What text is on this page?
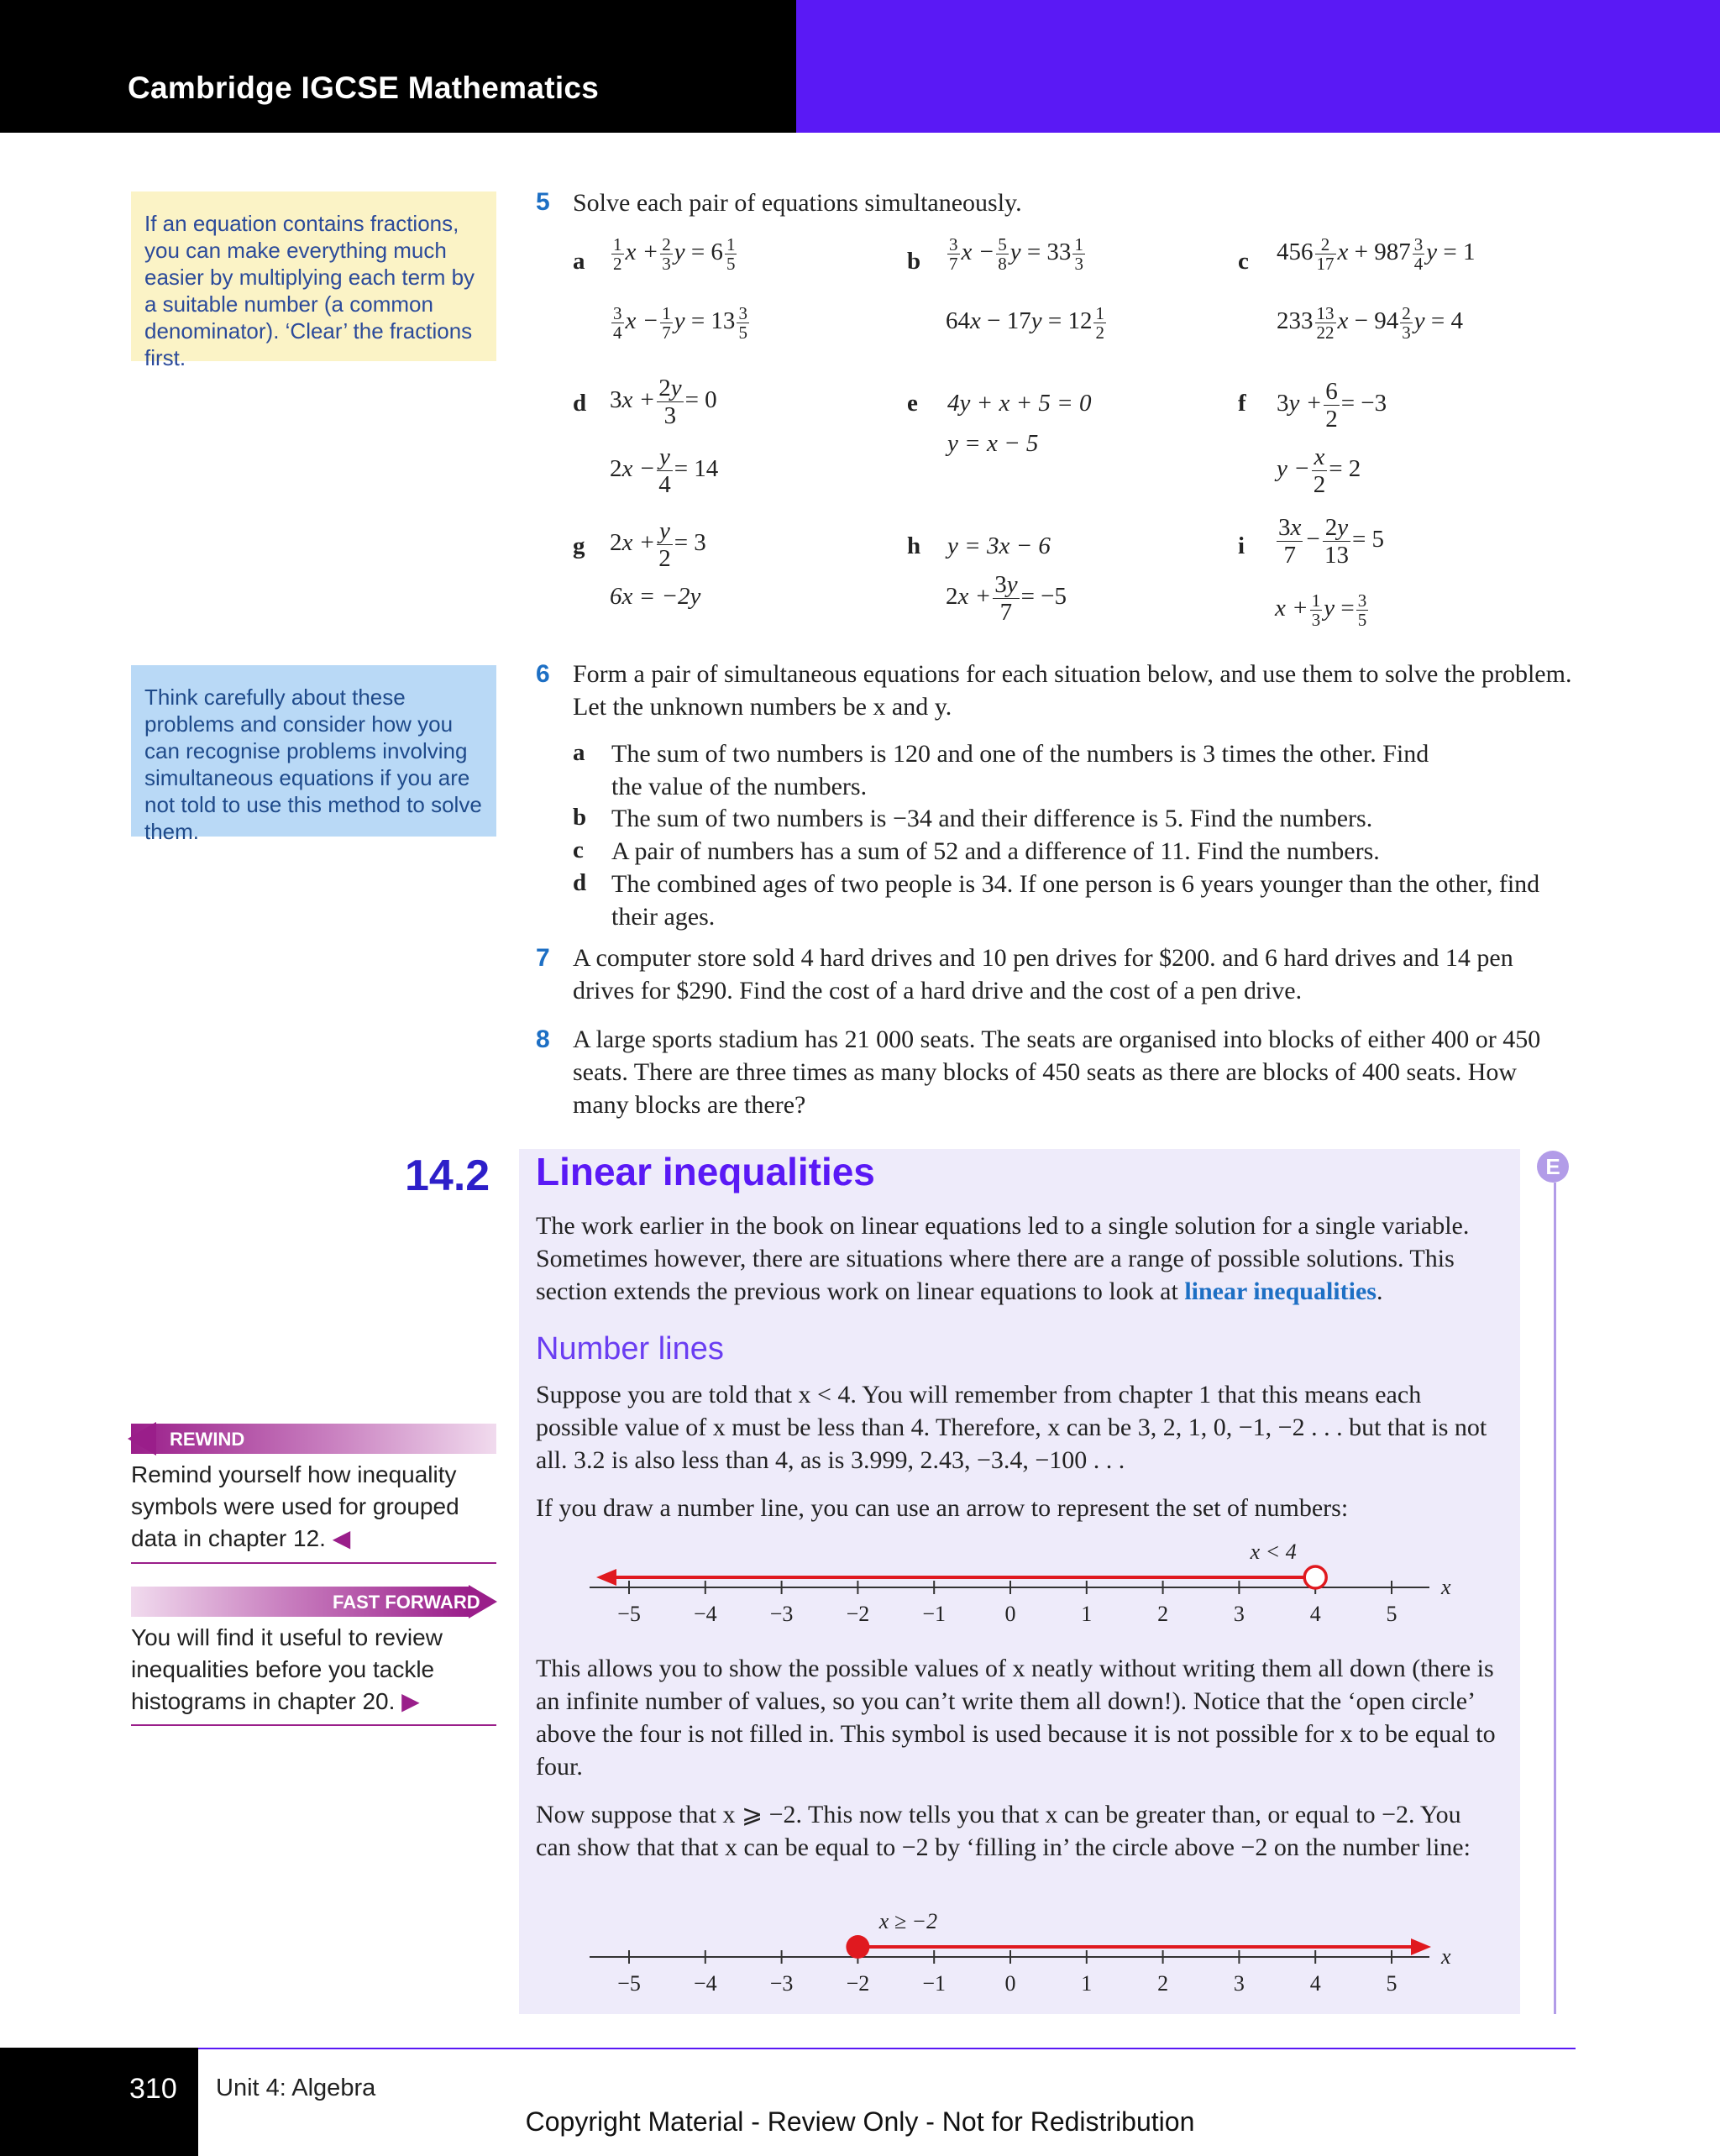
Cambridge IGCSE Mathematics
If an equation contains fractions, you can make everything much easier by multiplying each term by a suitable number (a common denominator). ‘Clear’ the fractions first.
Think carefully about these problems and consider how you can recognise problems involving simultaneous equations if you are not told to use this method to solve them.
5 Solve each pair of equations simultaneously.
a $\frac{1}{2}$ $x + \frac{2}{3}$ $y = 6 \frac{1}{5}$
$\frac{3}{4}$ $x - \frac{1}{7}$ $y = 13 \frac{3}{5}$
b $\frac{3}{7}$ $x - \frac{5}{8}$ $y = 33 \frac{1}{3}$
$64x - 17y = 12 \frac{1}{2}$
c $456 \frac{2}{17}$ $x + 987 \frac{3}{4}$ y = 1
$233 \frac{13}{22}$ $x - 94 \frac{2}{3}$ y = 4
d $3x + \frac{2y}{3} = 0$
$2x - \frac{y}{4} = 14$
e 4y + x + 5 = 0
y = x − 5
f $3y + \frac{6}{2} = -3$
$y - \frac{x}{2} = 2$
g $2x + \frac{y}{2} = 3$
6x = −2y
h y = 3x − 6
$2x + \frac{3y}{7} = -5$
i $\frac{3x}{7} - \frac{2y}{13} = 5$
$x + \frac{1}{3}$ $y = \frac{3}{5}$
6 Form a pair of simultaneous equations for each situation below, and use them to solve the problem. Let the unknown numbers be x and y.
a The sum of two numbers is 120 and one of the numbers is 3 times the other. Find the value of the numbers.
b The sum of two numbers is −34 and their difference is 5. Find the numbers.
c A pair of numbers has a sum of 52 and a difference of 11. Find the numbers.
d The combined ages of two people is 34. If one person is 6 years younger than the other, find their ages.
7 A computer store sold 4 hard drives and 10 pen drives for $200. and 6 hard drives and 14 pen drives for $290. Find the cost of a hard drive and the cost of a pen drive.
8 A large sports stadium has 21 000 seats. The seats are organised into blocks of either 400 or 450 seats. There are three times as many blocks of 450 seats as there are blocks of 400 seats. How many blocks are there?
14.2 Linear inequalities	E
The work earlier in the book on linear equations led to a single solution for a single variable. Sometimes however, there are situations where there are a range of possible solutions. This section extends the previous work on linear equations to look at linear inequalities.
Number lines
Suppose you are told that x < 4. You will remember from chapter 1 that this means each possible value of x must be less than 4. Therefore, x can be 3, 2, 1, 0, −1, −2 . . . but that is not all. 3.2 is also less than 4, as is 3.999, 2.43, −3.4, −100 . . .
If you draw a number line, you can use an arrow to represent the set of numbers:
−5 −4 −3 −2 −1	0	1	2	3	4	5
x
x < 4
This allows you to show the possible values of x neatly without writing them all down (there is an infinite number of values, so you can’t write them all down!). Notice that the ‘open circle’ above the four is not filled in. This symbol is used because it is not possible for x to be equal to four.
Now suppose that x ⩾ −2. This now tells you that x can be greater than, or equal to −2. You can show that that x can be equal to −2 by ‘filling in’ the circle above −2 on the number line:
−5 −4 −3 −2 −1	0	1	2	3	4	5
x
x ≥ −2
REWIND
Remind yourself how inequality symbols were used for grouped data in chapter 12. ◀
FAST FORWARD
You will find it useful to review inequalities before you tackle histograms in chapter 20. ▶
310 Unit 4: Algebra
Copyright Material - Review Only - Not for Redistribution
